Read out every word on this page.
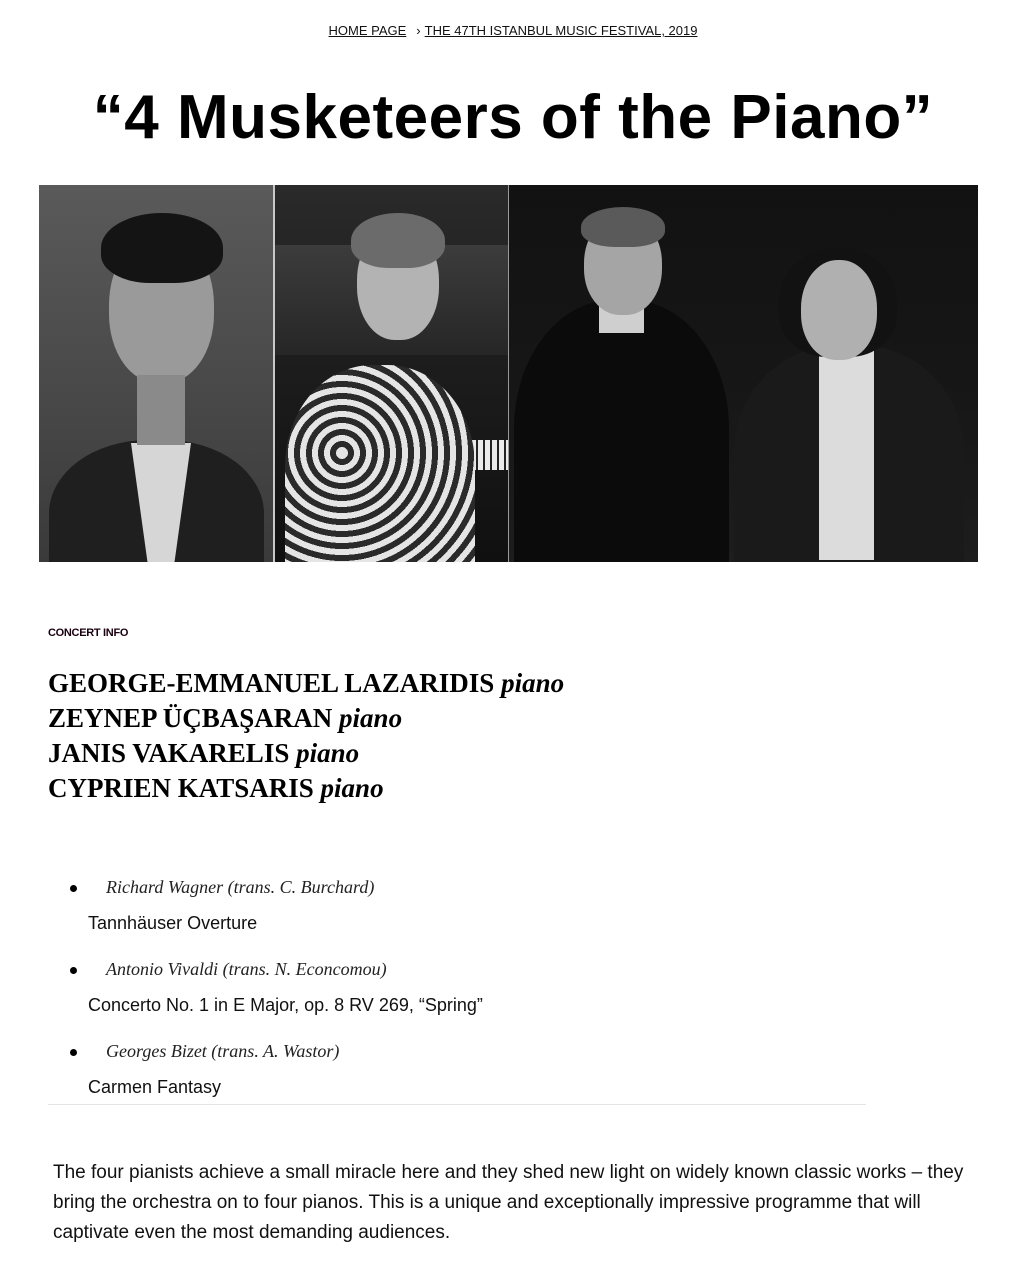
HOME PAGE › THE 47TH ISTANBUL MUSIC FESTIVAL, 2019
“4 Musketeers of the Piano”
CONCERT INFO
GEORGE-EMMANUEL LAZARIDIS piano
ZEYNEP ÜÇBAŞARAN piano
JANIS VAKARELIS piano
CYPRIEN KATSARIS piano
Richard Wagner (trans. C. Burchard)
Tannhäuser Overture
Antonio Vivaldi (trans. N. Econcomou)
Concerto No. 1 in E Major, op. 8 RV 269, “Spring”
Georges Bizet (trans. A. Wastor)
Carmen Fantasy

The four pianists achieve a small miracle here and they shed new light on widely known classic works – they bring the orchestra on to four pianos. This is a unique and exceptionally impressive programme that will captivate even the most demanding audiences.
